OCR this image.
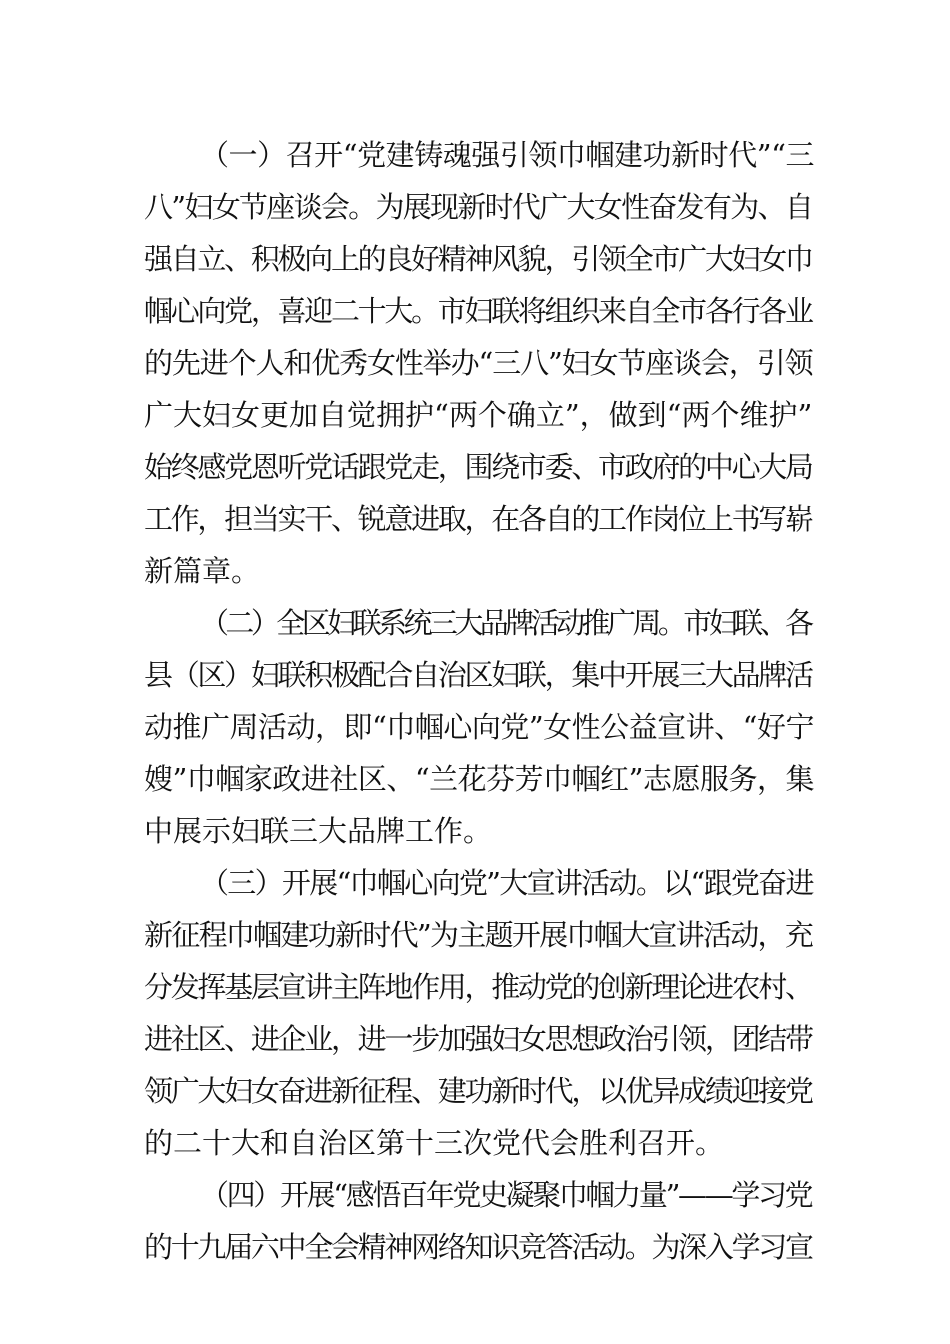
（一）召开“党建铸魂强引领巾帼建功新时代”“三
八”妇女节座谈会。为展现新时代广大女性奋发有为、自
强自立、积极向上的良好精神风貌，引领全市广大妇女巾
帼心向党，喜迎二十大。市妇联将组织来自全市各行各业
的先进个人和优秀女性举办“三八”妇女节座谈会，引领
广大妇女更加自觉拥护“两个确立”，做到“两个维护”
始终感党恩听党话跟党走，围绕市委、市政府的中心大局
工作，担当实干、锐意进取，在各自的工作岗位上书写崭
新篇章。
（二）全区妇联系统三大品牌活动推广周。市妇联、各
县（区）妇联积极配合自治区妇联，集中开展三大品牌活
动推广周活动，即“巾帼心向党”女性公益宣讲、“好宁
嫂”巾帼家政进社区、“兰花芬芳巾帼红”志愿服务，集
中展示妇联三大品牌工作。
（三）开展“巾帼心向党”大宣讲活动。以“跟党奋进
新征程巾帼建功新时代”为主题开展巾帼大宣讲活动，充
分发挥基层宣讲主阵地作用，推动党的创新理论进农村、
进社区、进企业，进一步加强妇女思想政治引领，团结带
领广大妇女奋进新征程、建功新时代，以优异成绩迎接党
的二十大和自治区第十三次党代会胜利召开。
（四）开展“感悟百年党史凝聚巾帼力量”——学习党
的十九届六中全会精神网络知识竞答活动。为深入学习宣
